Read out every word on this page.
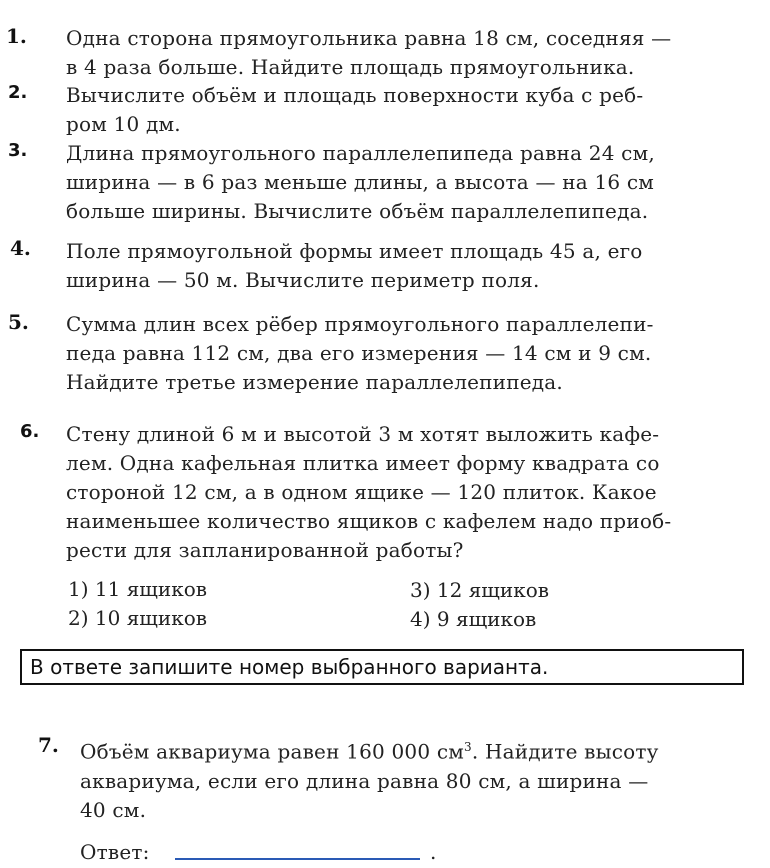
1. Одна сторона прямоугольника равна 18 см, соседняя —
в 4 раза больше. Найдите площадь прямоугольника.
2. Вычислите объём и площадь поверхности куба с реб-
ром 10 дм.
3. Длина прямоугольного параллелепипеда равна 24 см,
ширина — в 6 раз меньше длины, а высота — на 16 см
больше ширины. Вычислите объём параллелепипеда.
4. Поле прямоугольной формы имеет площадь 45 а, его
ширина — 50 м. Вычислите периметр поля.
5. Сумма длин всех рёбер прямоугольного параллелепи-
педа равна 112 см, два его измерения — 14 см и 9 см.
Найдите третье измерение параллелепипеда.
6. Стену длиной 6 м и высотой 3 м хотят выложить кафе-
лем. Одна кафельная плитка имеет форму квадрата со
стороной 12 см, а в одном ящике — 120 плиток. Какое
наименьшее количество ящиков с кафелем надо приоб-
рести для запланированной работы?
1) 11 ящиков	3) 12 ящиков
2) 10 ящиков	4) 9 ящиков
В ответе запишите номер выбранного варианта.
7. Объём аквариума равен 160 000 $см^3$. Найдите высоту
аквариума, если его длина равна 80 см, а ширина —
40 см.
Ответ:	.
